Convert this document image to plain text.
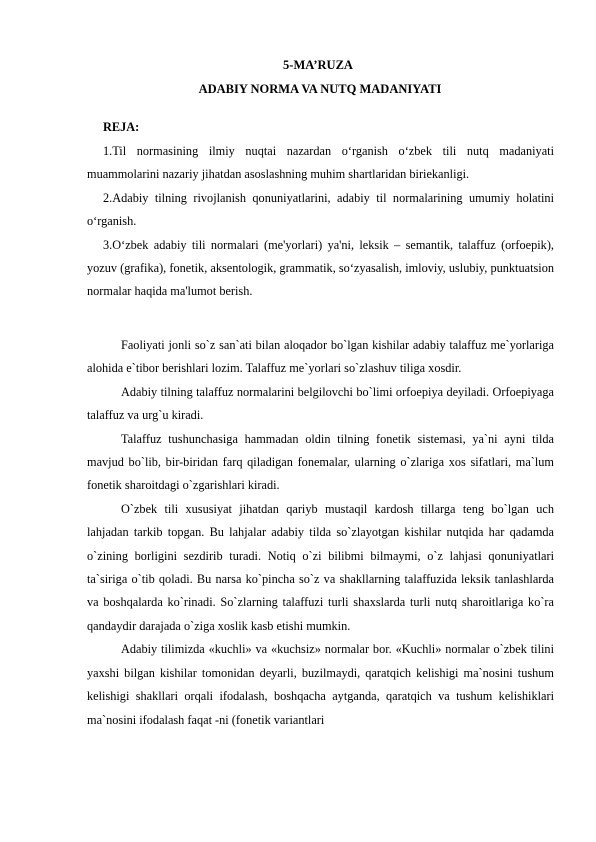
5-MA’RUZA
ADABIY NORMA VA NUTQ MADANIYATI
REJA:

1.Til normasining ilmiy nuqtai nazardan o‘rganish o‘zbek tili nutq madaniyati muammolarini nazariy jihatdan asoslashning muhim shartlaridan biriekanligi.

2.Adabiy tilning rivojlanish qonuniyatlarini, adabiy til normalarining umumiy holatini o‘rganish.

3.O‘zbek adabiy tili normalari (me'yorlari) ya'ni, leksik – semantik, talaffuz (orfoepik), yozuv (grafika), fonetik, aksentologik, grammatik, so‘zyasalish, imloviy, uslubiy, punktuatsion normalar haqida ma'lumot berish.

Faoliyati jonli so`z san`ati bilan aloqador bo`lgan kishilar adabiy talaffuz me`yorlariga alohida e`tibor berishlari lozim. Talaffuz me`yorlari so`zlashuv tiliga xosdir.

Adabiy tilning talaffuz normalarini belgilovchi bo`limi orfoepiya deyiladi. Orfoepiyaga talaffuz va urg`u kiradi.

Talaffuz tushunchasiga hammadan oldin tilning fonetik sistemasi, ya`ni ayni tilda mavjud bo`lib, bir-biridan farq qiladigan fonemalar, ularning o`zlariga xos sifatlari, ma`lum fonetik sharoitdagi o`zgarishlari kiradi.

O`zbek tili xususiyat jihatdan qariyb mustaqil kardosh tillarga teng bo`lgan uch lahjadan tarkib topgan. Bu lahjalar adabiy tilda so`zlayotgan kishilar nutqida har qadamda o`zining borligini sezdirib turadi. Notiq o`zi bilibmi bilmaymi, o`z lahjasi qonuniyatlari ta`siriga o`tib qoladi. Bu narsa ko`pincha so`z va shakllarning talaffuzida leksik tanlashlarda va boshqalarda ko`rinadi. So`zlarning talaffuzi turli shaxslarda turli nutq sharoitlariga ko`ra qandaydir darajada o`ziga xoslik kasb etishi mumkin.

Adabiy tilimizda «kuchli» va «kuchsiz» normalar bor. «Kuchli» normalar o`zbek tilini yaxshi bilgan kishilar tomonidan deyarli, buzilmaydi, qaratqich kelishigi ma`nosini tushum kelishigi shakllari orqali ifodalash, boshqacha aytganda, qaratqich va tushum kelishiklari ma`nosini ifodalash faqat -ni (fonetik variantlari
